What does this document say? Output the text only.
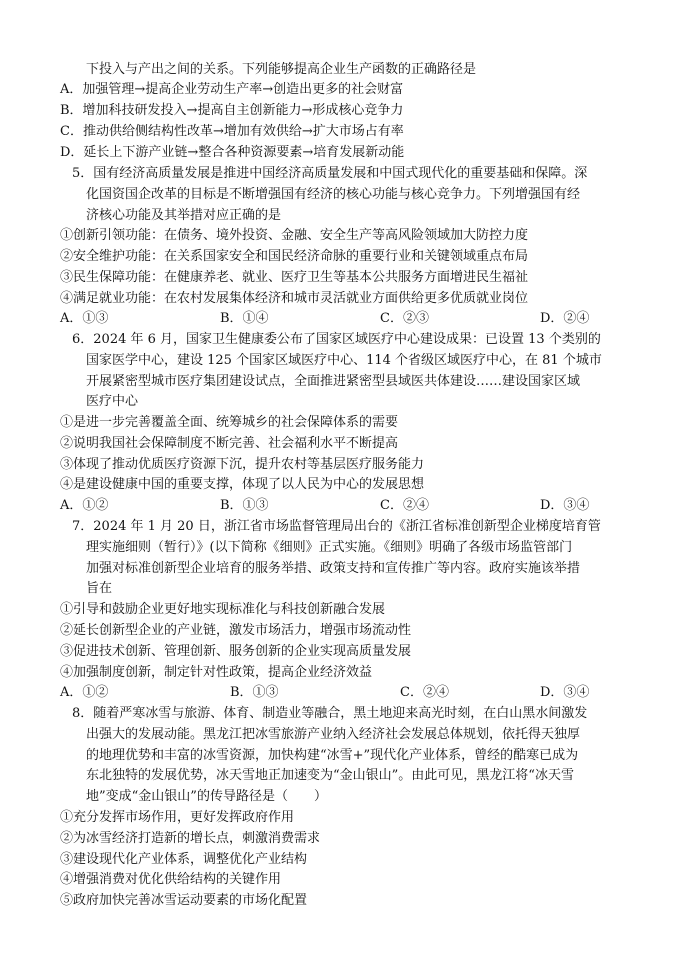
下投入与产出之间的关系。下列能够提高企业生产函数的正确路径是
A．加强管理→提高企业劳动生产率→创造出更多的社会财富
B．增加科技研发投入→提高自主创新能力→形成核心竞争力
C．推动供给侧结构性改革→增加有效供给→扩大市场占有率
D．延长上下游产业链→整合各种资源要素→培育发展新动能
5．国有经济高质量发展是推进中国经济高质量发展和中国式现代化的重要基础和保障。深
化国资国企改革的目标是不断增强国有经济的核心功能与核心竞争力。下列增强国有经
济核心功能及其举措对应正确的是
①创新引领功能：在债务、境外投资、金融、安全生产等高风险领域加大防控力度
②安全维护功能：在关系国家安全和国民经济命脉的重要行业和关键领域重点布局
③民生保障功能：在健康养老、就业、医疗卫生等基本公共服务方面增进民生福祉
④满足就业功能：在农村发展集体经济和城市灵活就业方面供给更多优质就业岗位
A．①③	B．①④	C．②③	D．②④
6．2024 年 6 月，国家卫生健康委公布了国家区域医疗中心建设成果：已设置 13 个类别的
国家医学中心，建设 125 个国家区域医疗中心、114 个省级区域医疗中心，在 81 个城市
开展紧密型城市医疗集团建设试点，全面推进紧密型县域医共体建设……建设国家区域
医疗中心
①是进一步完善覆盖全面、统筹城乡的社会保障体系的需要
②说明我国社会保障制度不断完善、社会福利水平不断提高
③体现了推动优质医疗资源下沉，提升农村等基层医疗服务能力
④是建设健康中国的重要支撑，体现了以人民为中心的发展思想
A．①②	B．①③	C．②④	D．③④
7．2024 年 1 月 20 日，浙江省市场监督管理局出台的《浙江省标准创新型企业梯度培育管
理实施细则（暂行）》(以下简称《细则》正式实施。《细则》明确了各级市场监管部门
加强对标准创新型企业培育的服务举措、政策支持和宣传推广等内容。政府实施该举措
旨在
①引导和鼓励企业更好地实现标准化与科技创新融合发展
②延长创新型企业的产业链，激发市场活力，增强市场流动性
③促进技术创新、管理创新、服务创新的企业实现高质量发展
④加强制度创新，制定针对性政策，提高企业经济效益
A．①②	B．①③	C．②④	D．③④
8．随着严寒冰雪与旅游、体育、制造业等融合，黑土地迎来高光时刻，在白山黑水间激发
出强大的发展动能。黑龙江把冰雪旅游产业纳入经济社会发展总体规划，依托得天独厚
的地理优势和丰富的冰雪资源，加快构建“冰雪+”现代化产业体系，曾经的酷寒已成为
东北独特的发展优势，冰天雪地正加速变为“金山银山”。由此可见，黑龙江将“冰天雪
地”变成“金山银山”的传导路径是（　　）
①充分发挥市场作用，更好发挥政府作用
②为冰雪经济打造新的增长点，刺激消费需求
③建设现代化产业体系，调整优化产业结构
④增强消费对优化供给结构的关键作用
⑤政府加快完善冰雪运动要素的市场化配置
